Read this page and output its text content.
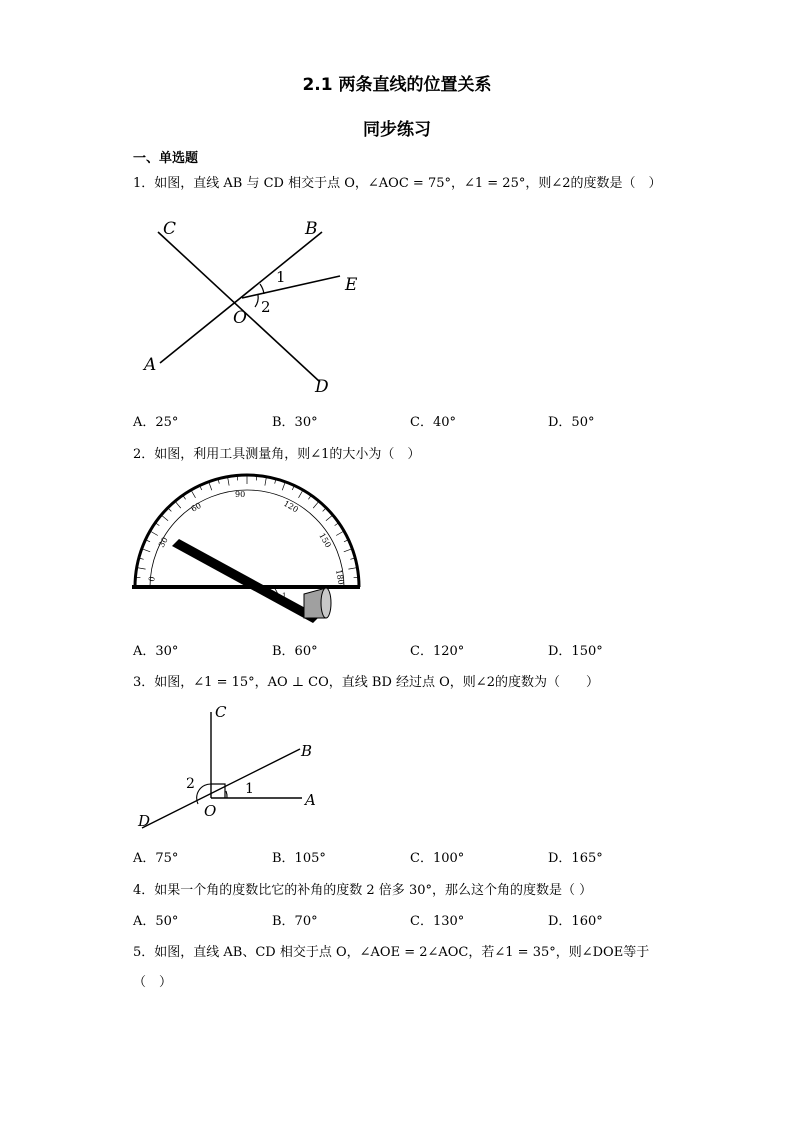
2.1 两条直线的位置关系
同步练习
一、单选题
1．如图，直线 AB 与 CD 相交于点 O，∠AOC = 75°，∠1 = 25°，则∠2的度数是（　）
C	B
E
O
A
D
1
2
A．25°	B．30°	C．40°	D．50°
2．如图，利用工具测量角，则∠1的大小为（　）
1
0
30
60
90
120
150
180
A．30°	B．60°	C．120°	D．150°
3．如图，∠1 = 15°，AO ⊥ CO，直线 BD 经过点 O，则∠2的度数为（　　）
C
B
A
O
D
1
2
A．75°	B．105°	C．100°	D．165°
4．如果一个角的度数比它的补角的度数 2 倍多 30°，那么这个角的度数是（ ）
A．50°	B．70°	C．130°	D．160°
5．如图，直线 AB、CD 相交于点 O，∠AOE = 2∠AOC，若∠1 = 35°，则∠DOE等于
（　）
